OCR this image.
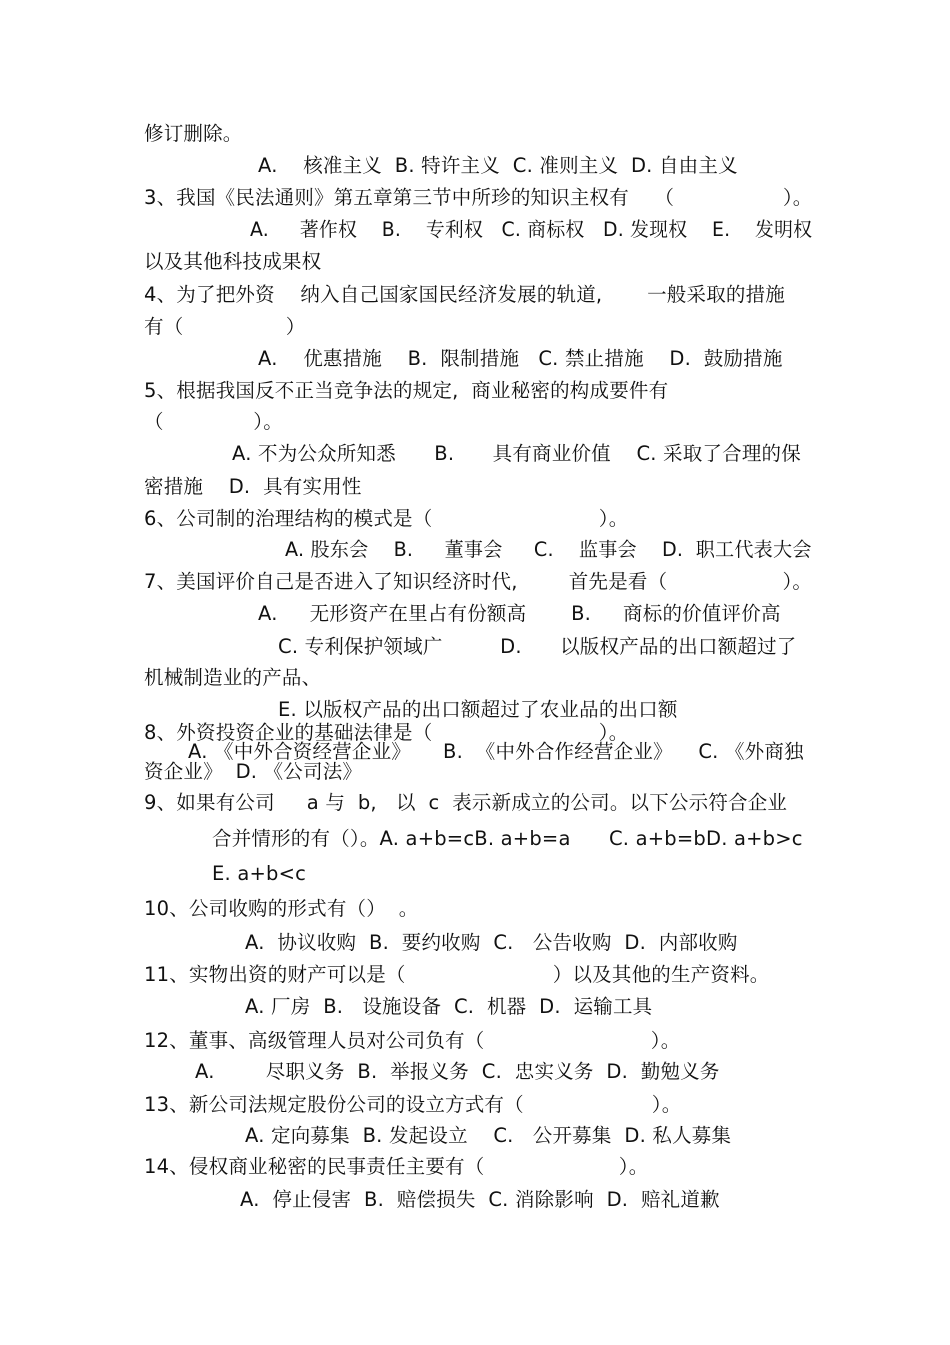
修订删除。
A.    核准主义  B. 特许主义  C. 准则主义  D. 自由主义
3、我国《民法通则》第五章第三节中所珍的知识主权有    （                 ）。
A.     著作权    B.    专利权   C. 商标权   D. 发现权    E.    发明权
以及其他科技成果权
4、为了把外资    纳入自己国家国民经济发展的轨道,       一般采取的措施
有（                ）
A.    优惠措施    B.  限制措施   C. 禁止措施    D.  鼓励措施
5、根据我国反不正当竞争法的规定,  商业秘密的构成要件有
（              ）。
A. 不为公众所知悉      B.      具有商业价值    C. 采取了合理的保
密措施    D.  具有实用性
6、公司制的治理结构的模式是（                          ）。
A. 股东会    B.     董事会     C.    监事会    D.  职工代表大会
7、美国评价自己是否进入了知识经济时代,        首先是看（                  ）。
A.     无形资产在里占有份额高       B.     商标的价值评价高
C. 专利保护领域广         D.      以版权产品的出口额超过了
机械制造业的产品、
E. 以版权产品的出口额超过了农业品的出口额
8、外资投资企业的基础法律是（                          ）。
A. 《中外合资经营企业》     B.  《中外合作经营企业》    C. 《外商独
资企业》  D. 《公司法》
9、如果有公司     a 与  b,   以  c  表示新成立的公司。以下公示符合企业
合并情形的有（）。A. a+b=cB. a+b=a      C. a+b=bD. a+b>c
E. a+b<c
10、公司收购的形式有（）  。
A.  协议收购  B.  要约收购  C.   公告收购  D.  内部收购
11、实物出资的财产可以是（                       ）以及其他的生产资料。
A. 厂房  B.   设施设备  C.  机器  D.  运输工具
12、董事、高级管理人员对公司负有（                          ）。
A.        尽职义务  B.  举报义务  C.  忠实义务  D.  勤勉义务
13、新公司法规定股份公司的设立方式有（                    ）。
A. 定向募集  B. 发起设立    C.   公开募集  D. 私人募集
14、侵权商业秘密的民事责任主要有（                     ）。
A.  停止侵害  B.  赔偿损失  C. 消除影响  D.  赔礼道歉
